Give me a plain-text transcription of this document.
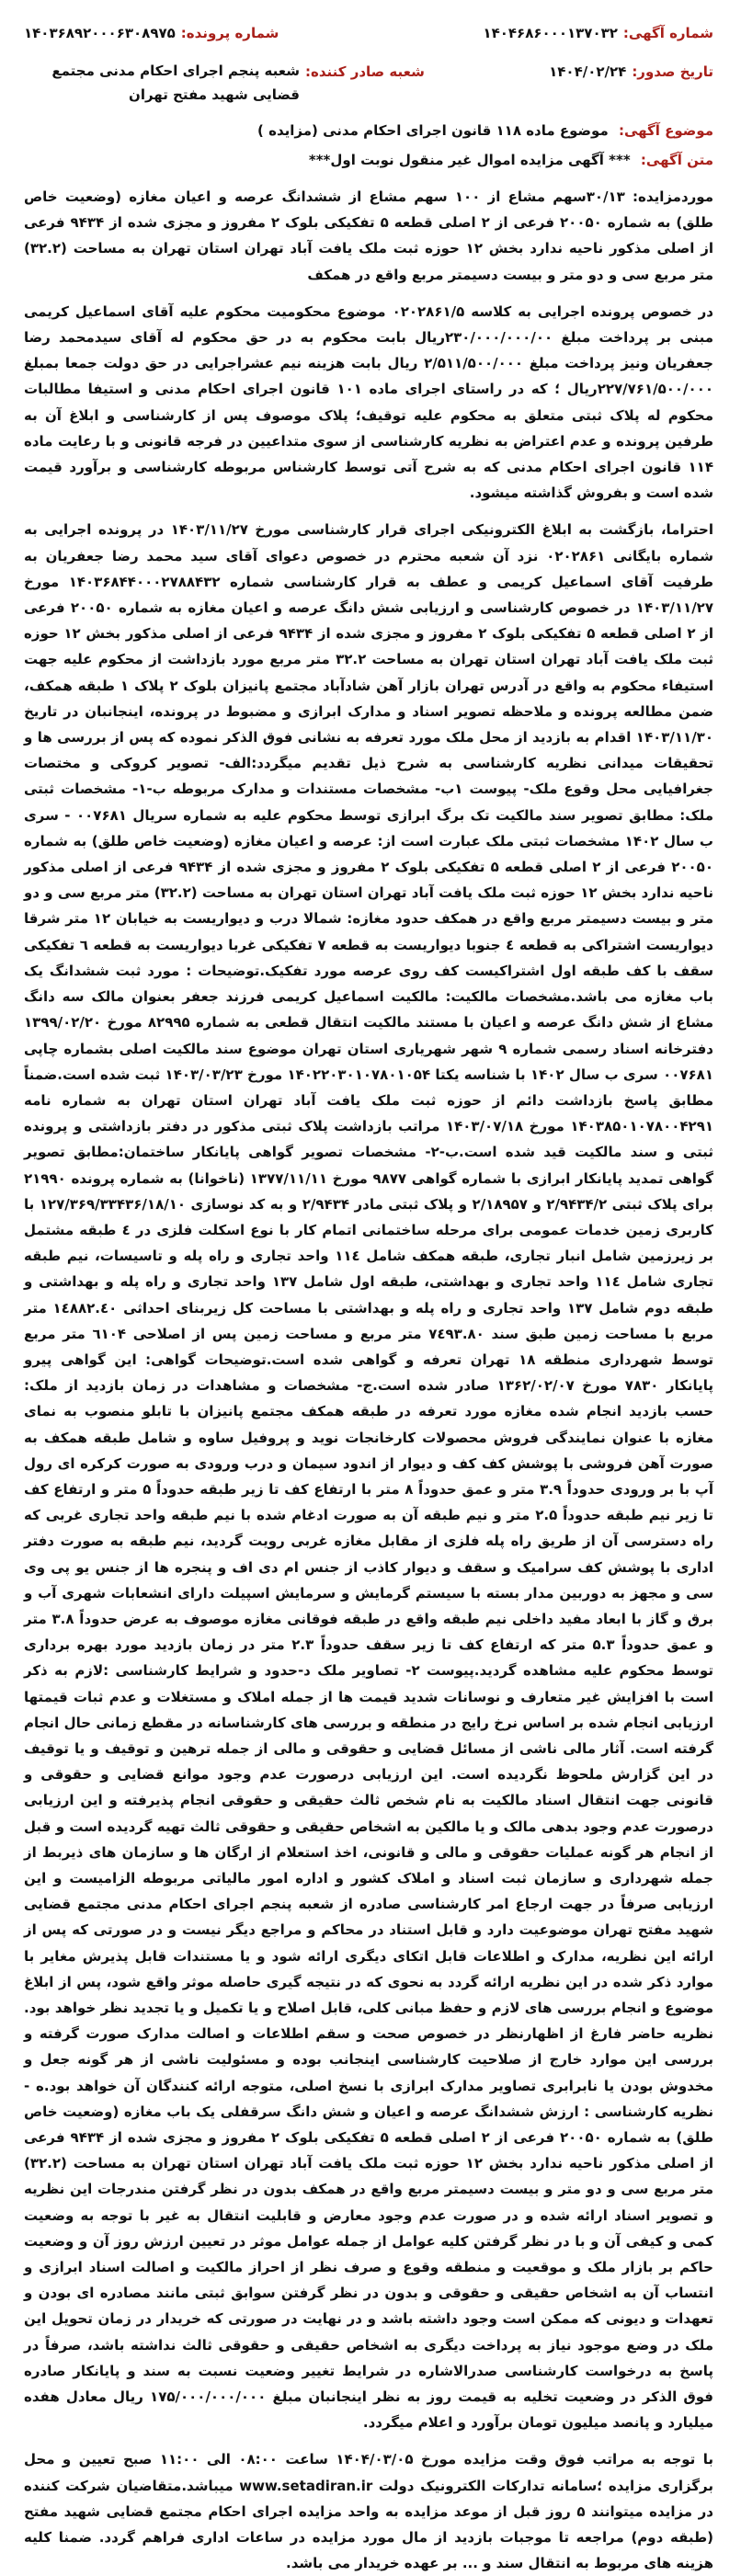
شماره آگهی:
۱۴۰۴۶۸۶۰۰۰۱۳۷۰۳۲
شماره پرونده:
۱۴۰۳۶۸۹۲۰۰۰۶۳۰۸۹۷۵
تاریخ صدور:
۱۴۰۴/۰۲/۲۴
شعبه صادر کننده:
شعبه پنجم اجرای احکام مدنی مجتمع قضایی شهید مفتح تهران
موضوع آگهی: موضوع ماده ۱۱۸ قانون اجرای احکام مدنی (مزایده )
متن آگهی: *** آگهی مزایده اموال غیر منقول نوبت اول***

موردمزایده: ۳۰/۱۳سهم مشاع از ۱۰۰ سهم مشاع از ششدانگ عرصه و اعیان مغازه (وضعیت خاص طلق) به شماره ۲۰۰۵۰ فرعی از ۲ اصلی قطعه ۵ تفکیکی بلوک ۲ مفروز و مجزی شده از ۹۴۳۴ فرعی از اصلی مذکور ناحیه ندارد بخش ۱۲ حوزه ثبت ملک یافت آباد تهران استان تهران به مساحت (۳۲.۲) متر مربع سی و دو متر و بیست دسیمتر مربع واقع در همکف

در خصوص پرونده اجرایی به کلاسه ۰۲۰۲۸۶۱/۵ موضوع محکومیت محکوم علیه آقای اسماعیل کریمی مبنی بر پرداخت مبلغ ۲۳۰/۰۰۰/۰۰۰/۰۰ریال بابت محکوم به در حق محکوم له آقای سیدمحمد رضا جعفریان ونیز پرداخت مبلغ ۲/۵۱۱/۵۰۰/۰۰۰ ریال بابت هزینه نیم عشراجرایی در حق دولت جمعا بمبلغ ۲۲۷/۷۶۱/۵۰۰/۰۰۰ریال ؛ که در راستای اجرای ماده ۱۰۱ قانون اجرای احکام مدنی و استیفا مطالبات محکوم له پلاک ثبتی متعلق به محکوم علیه توقیف؛ پلاک موصوف پس از کارشناسی و ابلاغ آن به طرفین پرونده و عدم اعتراض به نظریه کارشناسی از سوی متداعیین در فرجه قانونی و با رعایت ماده ۱۱۴ قانون اجرای احکام مدنی که به شرح آتی توسط کارشناس مربوطه کارشناسی و برآورد قیمت شده است و بفروش گذاشته میشود.

احتراما، بازگشت به ابلاغ الکترونیکی اجرای قرار کارشناسی مورخ ۱۴۰۳/۱۱/۲۷ در پرونده اجرایی به شماره بایگانی ۰۲۰۲۸۶۱ نزد آن شعبه محترم در خصوص دعوای آقای سید محمد رضا جعفریان به طرفیت آقای اسماعیل کریمی و عطف به قرار کارشناسی شماره ۱۴۰۳۶۸۴۴۰۰۰۲۷۸۸۴۳۲ مورخ ۱۴۰۳/۱۱/۲۷ در خصوص کارشناسی و ارزیابی شش دانگ عرصه و اعیان مغازه به شماره ۲۰۰۵۰ فرعی از ۲ اصلی قطعه ۵ تفکیکی بلوک ۲ مفروز و مجزی شده از ۹۴۳۴ فرعی از اصلی مذکور بخش ۱۲ حوزه ثبت ملک یافت آباد تهران استان تهران به مساحت ۳۲.۲ متر مربع مورد بازداشت از محکوم علیه جهت استیفاء محکوم به واقع در آدرس تهران بازار آهن شادآباد مجتمع پانیزان بلوک ۲ پلاک ۱ طبقه همکف، ضمن مطالعه پرونده و ملاحظه تصویر اسناد و مدارک ابرازی و مضبوط در پرونده، اینجانبان در تاریخ ۱۴۰۳/۱۱/۳۰ اقدام به بازدید از محل ملک مورد تعرفه به نشانی فوق الذکر نموده که پس از بررسی ها و تحقیقات میدانی نظریه کارشناسی به شرح ذیل تقدیم میگردد:الف- تصویر کروکی و مختصات جغرافیایی محل وقوع ملک- پیوست ۱ب- مشخصات مستندات و مدارک مربوطه ب-۱- مشخصات ثبتی ملک: مطابق تصویر سند مالکیت تک برگ ابرازی توسط محکوم علیه به شماره سریال ۰۰۷۶۸۱ - سری ب سال ۱۴۰۲ مشخصات ثبتی ملک عبارت است از: عرصه و اعیان مغازه (وضعیت خاص طلق) به شماره ۲۰۰۵۰ فرعی از ۲ اصلی قطعه ۵ تفکیکی بلوک ۲ مفروز و مجزی شده از ۹۴۳۴ فرعی از اصلی مذکور ناحیه ندارد بخش ۱۲ حوزه ثبت ملک یافت آباد تهران استان تهران به مساحت (۳۲.۲) متر مربع سی و دو متر و بیست دسیمتر مربع واقع در همکف حدود مغازه: شمالا درب و دیواریست به خیابان ۱۲ متر شرقا دیواریست اشتراکی به قطعه ٤ جنوبا دیواریست به قطعه ۷ تفکیکی غربا دیواریست به قطعه ٦ تفکیکی سقف با کف طبقه اول اشتراکیست کف روی عرصه مورد تفکیک.توضیحات : مورد ثبت ششدانگ یک باب مغازه می باشد.مشخصات مالکیت: مالکیت اسماعیل کریمی فرزند جعفر بعنوان مالک سه دانگ مشاع از شش دانگ عرصه و اعیان با مستند مالکیت انتقال قطعی به شماره ۸۲۹۹۵ مورخ ۱۳۹۹/۰۲/۲۰ دفترخانه اسناد رسمی شماره ۹ شهر شهریاری استان تهران موضوع سند مالکیت اصلی بشماره چاپی ۰۰۷۶۸۱ سری ب سال ۱۴۰۲ با شناسه یکتا ۱۴۰۲۲۰۳۰۱۰۷۸۰۱۰۵۴ مورخ ۱۴۰۳/۰۳/۲۳ ثبت شده است.ضمناً مطابق پاسخ بازداشت دائم از حوزه ثبت ملک یافت آباد تهران استان تهران به شماره نامه ۱۴۰۳۸۵۰۱۰۷۸۰۰۴۲۹۱ مورخ ۱۴۰۳/۰۷/۱۸ مراتب بازداشت پلاک ثبتی مذکور در دفتر بازداشتی و پرونده ثبتی و سند مالکیت قید شده است.ب-۲- مشخصات تصویر گواهی پایانکار ساختمان:مطابق تصویر گواهی تمدید پایانکار ابرازی با شماره گواهی ۹۸۷۷ مورخ ۱۳۷۷/۱۱/۱۱ (ناخوانا) به شماره پرونده ۲۱۹۹۰ برای پلاک ثبتی ۲/۹۴۳۴/۲ و ۲/۱۸۹۵۷ و پلاک ثبتی مادر ۲/۹۴۳۴ و به کد نوسازی ۱۲۷/۳۶۹/۳۳۴۳۶/۱۸/۱۰ با کاربری زمین خدمات عمومی برای مرحله ساختمانی اتمام کار با نوع اسکلت فلزی در ٤ طبقه مشتمل بر زیرزمین شامل انبار تجاری، طبقه همکف شامل ۱۱٤ واحد تجاری و راه پله و تاسیسات، نیم طبقه تجاری شامل ۱۱٤ واحد تجاری و بهداشتی، طبقه اول شامل ۱۳۷ واحد تجاری و راه پله و بهداشتی و طبقه دوم شامل ۱۳۷ واحد تجاری و راه پله و بهداشتی با مساحت کل زیربنای احداثی ۱٤۸۸۲.٤۰ متر مربع با مساحت زمین طبق سند ۷٤۹۳.۸۰ متر مربع و مساحت زمین پس از اصلاحی ٦۱۰۴ متر مربع توسط شهرداری منطقه ۱۸ تهران تعرفه و گواهی شده است.توضیحات گواهی: این گواهی پیرو پایانکار ۷۸۳۰ مورخ ۱۳۶۲/۰۲/۰۷ صادر شده است.ج- مشخصات و مشاهدات در زمان بازدید از ملک: حسب بازدید انجام شده مغازه مورد تعرفه در طبقه همکف مجتمع پانیزان با تابلو منصوب به نمای مغازه با عنوان نمایندگی فروش محصولات کارخانجات نوید و پروفیل ساوه و شامل طبقه همکف به صورت آهن فروشی با پوشش کف کف و دیوار از اندود سیمان و درب ورودی به صورت کرکره ای رول آپ با بر ورودی حدوداً ۳.۹ متر و عمق حدوداً ۸ متر با ارتفاع کف تا زیر طبقه حدوداً ۵ متر و ارتفاع کف تا زیر نیم طبقه حدوداً ۲.۵ متر و نیم طبقه آن به صورت ادغام شده با نیم طبقه واحد تجاری غربی که راه دسترسی آن از طریق راه پله فلزی از مقابل مغازه غربی رویت گردید، نیم طبقه به صورت دفتر اداری با پوشش کف سرامیک و سقف و دیوار کاذب از جنس ام دی اف و پنجره ها از جنس یو پی وی سی و مجهز به دوربین مدار بسته با سیستم گرمایش و سرمایش اسپیلت دارای انشعابات شهری آب و برق و گاز با ابعاد مفید داخلی نیم طبقه واقع در طبقه فوقانی مغازه موصوف به عرض حدوداً ۳.۸ متر و عمق حدوداً ۵.۳ متر که ارتفاع کف تا زیر سقف حدوداً ۲.۳ متر در زمان بازدید مورد بهره برداری توسط محکوم علیه مشاهده گردید.پیوست ۲- تصاویر ملک د-حدود و شرایط کارشناسی :لازم به ذکر است با افزایش غیر متعارف و نوسانات شدید قیمت ها از جمله املاک و مستغلات و عدم ثبات قیمتها ارزیابی انجام شده بر اساس نرخ رایج در منطقه و بررسی های کارشناسانه در مقطع زمانی حال انجام گرفته است. آثار مالی ناشی از مسائل قضایی و حقوقی و مالی از جمله ترهین و توقیف و یا توقیف در این گزارش ملحوظ نگردیده است. این ارزیابی درصورت عدم وجود موانع قضایی و حقوقی و قانونی جهت انتقال اسناد مالکیت به نام شخص ثالث حقیقی و حقوقی انجام پذیرفته و این ارزیابی درصورت عدم وجود بدهی مالک و یا مالکین به اشخاص حقیقی و حقوقی ثالث تهیه گردیده است و قبل از انجام هر گونه عملیات حقوقی و مالی و قانونی، اخذ استعلام از ارگان ها و سازمان های ذیربط از جمله شهرداری و سازمان ثبت اسناد و املاک کشور و اداره امور مالیاتی مربوطه الزامیست و این ارزیابی صرفاً در جهت ارجاع امر کارشناسی صادره از شعبه پنجم اجرای احکام مدنی مجتمع قضایی شهید مفتح تهران موضوعیت دارد و قابل استناد در محاکم و مراجع دیگر نیست و در صورتی که پس از ارائه این نظریه، مدارک و اطلاعات قابل اتکای دیگری ارائه شود و یا مستندات قابل پذیرش مغایر با موارد ذکر شده در این نظریه ارائه گردد به نحوی که در نتیجه گیری حاصله موثر واقع شود، پس از ابلاغ موضوع و انجام بررسی های لازم و حفظ مبانی کلی، قابل اصلاح و یا تکمیل و یا تجدید نظر خواهد بود. نظریه حاضر فارغ از اظهارنظر در خصوص صحت و سقم اطلاعات و اصالت مدارک صورت گرفته و بررسی این موارد خارج از صلاحیت کارشناسی اینجانب بوده و مسئولیت ناشی از هر گونه جعل و مخدوش بودن یا نابرابری تصاویر مدارک ابرازی با نسخ اصلی، متوجه ارائه کنندگان آن خواهد بود.ه - نظریه کارشناسی : ارزش ششدانگ عرصه و اعیان و شش دانگ سرقفلی یک باب مغازه (وضعیت خاص طلق) به شماره ۲۰۰۵۰ فرعی از ۲ اصلی قطعه ۵ تفکیکی بلوک ۲ مفروز و مجزی شده از ۹۴۳۴ فرعی از اصلی مذکور ناحیه ندارد بخش ۱۲ حوزه ثبت ملک یافت آباد تهران استان تهران به مساحت (۳۲.۲) متر مربع سی و دو متر و بیست دسیمتر مربع واقع در همکف بدون در نظر گرفتن مندرجات این نظریه و تصویر اسناد ارائه شده و در صورت عدم وجود معارض و قابلیت انتقال به غیر با توجه به وضعیت کمی و کیفی آن و با در نظر گرفتن کلیه عوامل از جمله عوامل موثر در تعیین ارزش روز آن و وضعیت حاکم بر بازار ملک و موقعیت و منطقه وقوع و صرف نظر از احراز مالکیت و اصالت اسناد ابرازی و انتساب آن به اشخاص حقیقی و حقوقی و بدون در نظر گرفتن سوابق ثبتی مانند مصادره ای بودن و تعهدات و دیونی که ممکن است وجود داشته باشد و در نهایت در صورتی که خریدار در زمان تحویل این ملک در وضع موجود نیاز به پرداخت دیگری به اشخاص حقیقی و حقوقی ثالث نداشته باشد، صرفاً در پاسخ به درخواست کارشناسی صدرالاشاره در شرایط تغییر وضعیت نسبت به سند و پایانکار صادره فوق الذکر در وضعیت تخلیه به قیمت روز به نظر اینجانبان مبلغ ۱۷۵/۰۰۰/۰۰۰/۰۰۰ ریال معادل هفده میلیارد و پانصد میلیون تومان برآورد و اعلام میگردد.

با توجه به مراتب فوق وقت مزایده مورخ ۱۴۰۴/۰۳/۰۵ ساعت ۰۸:۰۰ الی ۱۱:۰۰ صبح تعیین و محل برگزاری مزایده ؛سامانه تدارکات الکترونیک دولت www.setadiran.ir میباشد.متقاضیان شرکت کننده در مزایده میتوانند ۵ روز قبل از موعد مزایده به واحد مزایده اجرای احکام مجتمع قضایی شهید مفتح (طبقه دوم) مراجعه تا موجبات بازدید از مال مورد مزایده در ساعات اداری فراهم گردد. ضمنا کلیه هزینه های مربوط به انتقال سند و ... بر عهده خریدار می باشد.
